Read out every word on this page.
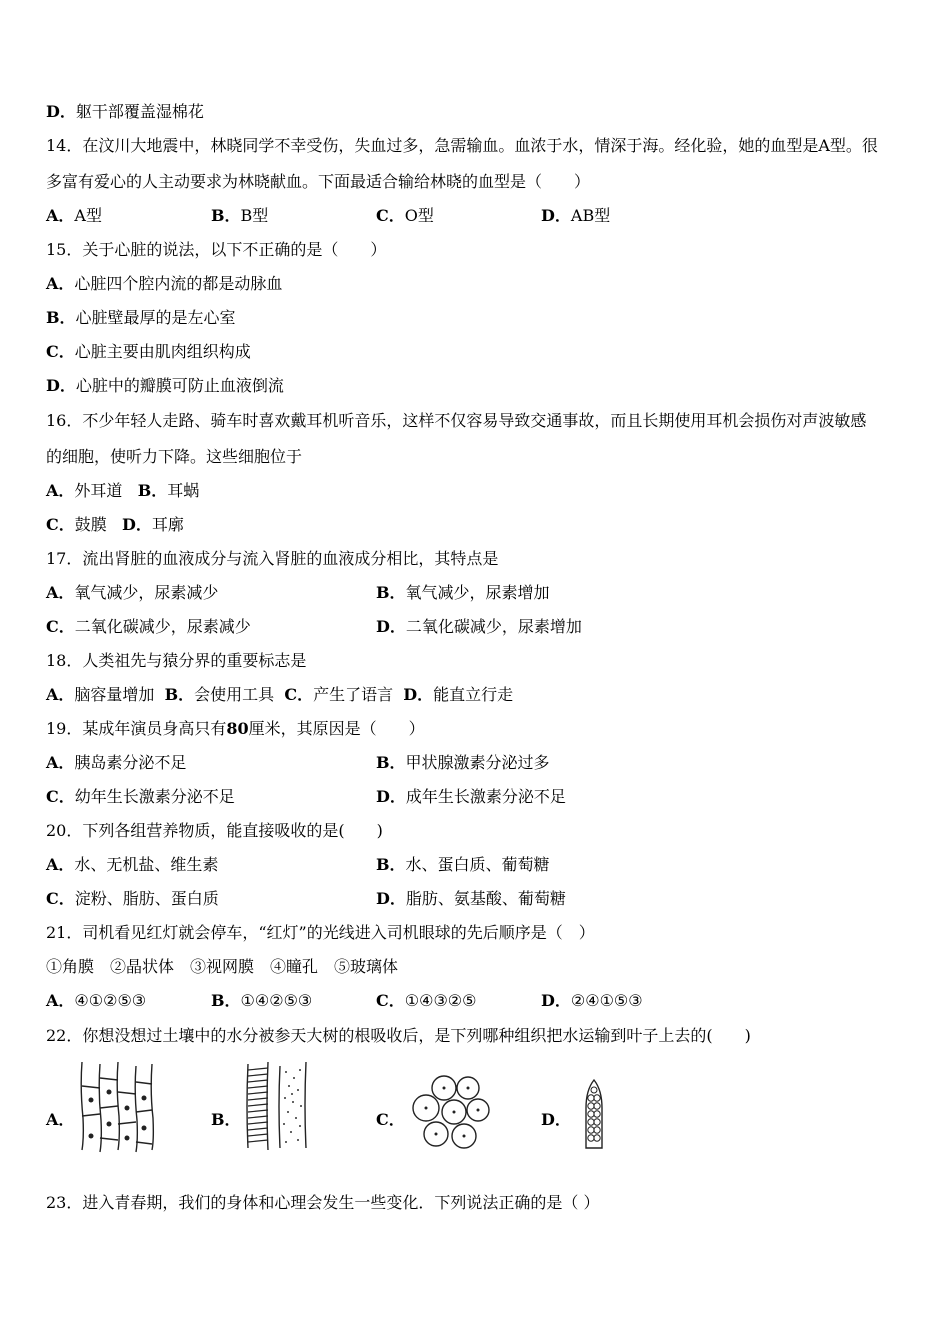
D．躯干部覆盖湿棉花
14．在汶川大地震中，林晓同学不幸受伤，失血过多，急需输血。血浓于水，情深于海。经化验，她的血型是A型。很
多富有爱心的人主动要求为林晓献血。下面最适合输给林晓的血型是（　　）
A．A型	B．B型	C．O型	D．AB型
15．关于心脏的说法，以下不正确的是（　　）
A．心脏四个腔内流的都是动脉血
B．心脏壁最厚的是左心室
C．心脏主要由肌肉组织构成
D．心脏中的瓣膜可防止血液倒流
16．不少年轻人走路、骑车时喜欢戴耳机听音乐，这样不仅容易导致交通事故，而且长期使用耳机会损伤对声波敏感
的细胞，使听力下降。这些细胞位于
A．外耳道 B．耳蜗
C．鼓膜 D．耳廓
17．流出肾脏的血液成分与流入肾脏的血液成分相比，其特点是
A．氧气减少，尿素减少	B．氧气减少，尿素增加
C．二氧化碳减少，尿素减少	D．二氧化碳减少，尿素增加
18．人类祖先与猿分界的重要标志是
A．脑容量增加 B．会使用工具 C．产生了语言 D．能直立行走
19．某成年演员身高只有80厘米，其原因是（　　）
A．胰岛素分泌不足	B．甲状腺激素分泌过多
C．幼年生长激素分泌不足	D．成年生长激素分泌不足
20．下列各组营养物质，能直接吸收的是(　　)
A．水、无机盐、维生素	B．水、蛋白质、葡萄糖
C．淀粉、脂肪、蛋白质	D．脂肪、氨基酸、葡萄糖
21．司机看见红灯就会停车，“红灯”的光线进入司机眼球的先后顺序是（　）
①角膜　②晶状体　③视网膜　④瞳孔　⑤玻璃体
A．④①②⑤③	B．①④②⑤③	C．①④③②⑤	D．②④①⑤③
22．你想没想过土壤中的水分被参天大树的根吸收后，是下列哪种组织把水运输到叶子上去的(　　)
A．	B．	C．	D．
23．进入青春期，我们的身体和心理会发生一些变化．下列说法正确的是（ ）
